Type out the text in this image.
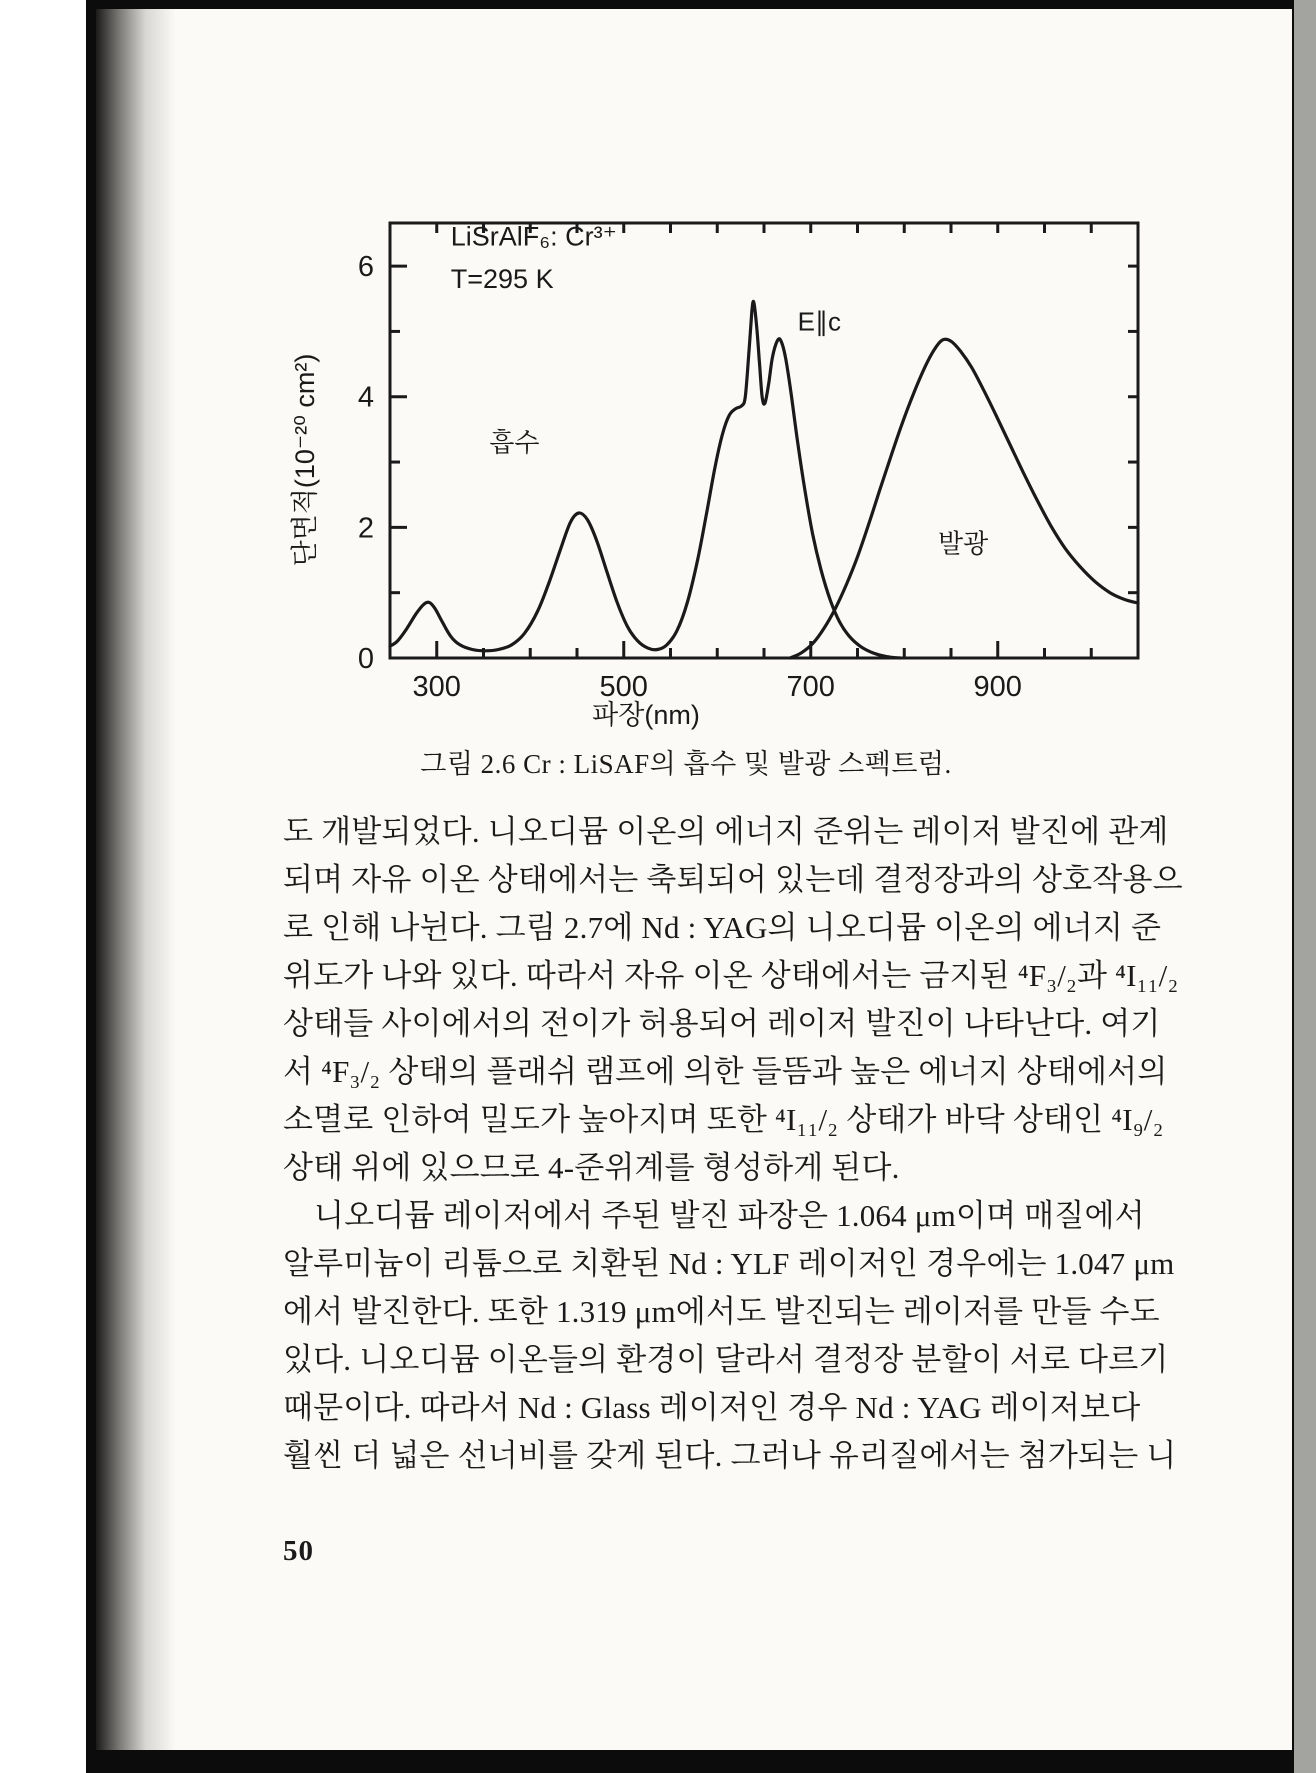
300	500	700	900
2
4
6
0
파장(nm)
단면적(10⁻²⁰ cm²)
LiSrAlF₆: Cr³⁺
T=295 K
E∥c
흡수
발광
그림 2.6 Cr : LiSAF의 흡수 및 발광 스펙트럼.
도 개발되었다. 니오디뮴 이온의 에너지 준위는 레이저 발진에 관계
되며 자유 이온 상태에서는 축퇴되어 있는데 결정장과의 상호작용으
로 인해 나뉜다. 그림 2.7에 Nd : YAG의 니오디뮴 이온의 에너지 준
위도가 나와 있다. 따라서 자유 이온 상태에서는 금지된 ⁴F₃/₂과 ⁴I₁₁/₂
상태들 사이에서의 전이가 허용되어 레이저 발진이 나타난다. 여기
서 ⁴F₃/₂ 상태의 플래쉬 램프에 의한 들뜸과 높은 에너지 상태에서의
소멸로 인하여 밀도가 높아지며 또한 ⁴I₁₁/₂ 상태가 바닥 상태인 ⁴I₉/₂
상태 위에 있으므로 4-준위계를 형성하게 된다.
니오디뮴 레이저에서 주된 발진 파장은 1.064 μm이며 매질에서
알루미늄이 리튬으로 치환된 Nd : YLF 레이저인 경우에는 1.047 μm
에서 발진한다. 또한 1.319 μm에서도 발진되는 레이저를 만들 수도
있다. 니오디뮴 이온들의 환경이 달라서 결정장 분할이 서로 다르기
때문이다. 따라서 Nd : Glass 레이저인 경우 Nd : YAG 레이저보다
훨씬 더 넓은 선너비를 갖게 된다. 그러나 유리질에서는 첨가되는 니
50
